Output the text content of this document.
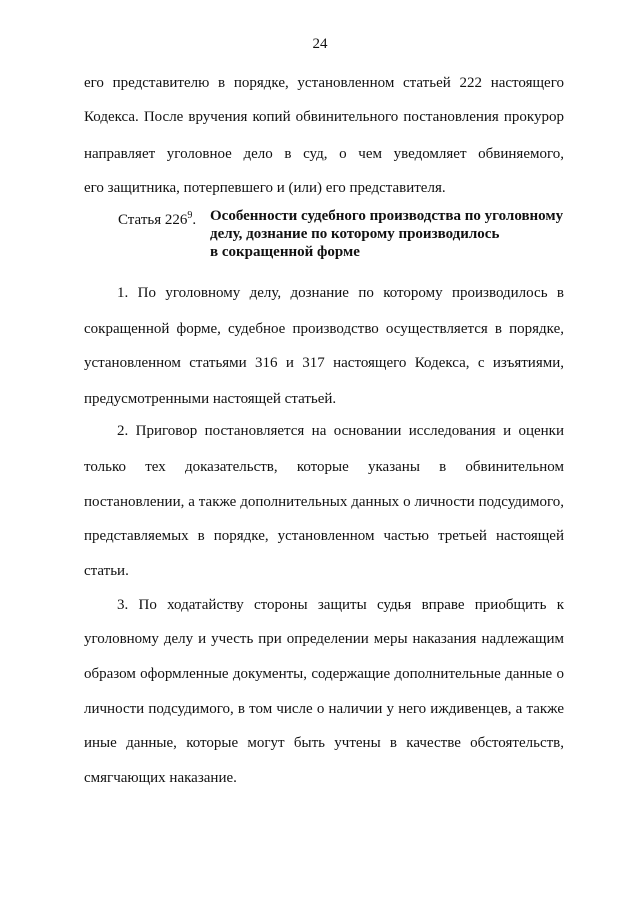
24
его представителю в порядке, установленном статьей 222 настоящего
Кодекса. После вручения копий обвинительного постановления прокурор
направляет уголовное дело в суд, о чем уведомляет обвиняемого,
его защитника, потерпевшего и (или) его представителя.
Статья $226^9$. Особенности судебного производства по уголовному
делу, дознание по которому производилось
в сокращенной форме
1. По уголовному делу, дознание по которому производилось в
сокращенной форме, судебное производство осуществляется в порядке,
установленном статьями 316 и 317 настоящего Кодекса, с изъятиями,
предусмотренными настоящей статьей.
2. Приговор постановляется на основании исследования и оценки
только тех доказательств, которые указаны в обвинительном
постановлении, а также дополнительных данных о личности подсудимого,
представляемых в порядке, установленном частью третьей настоящей
статьи.
3. По ходатайству стороны защиты судья вправе приобщить к
уголовному делу и учесть при определении меры наказания надлежащим
образом оформленные документы, содержащие дополнительные данные о
личности подсудимого, в том числе о наличии у него иждивенцев, а также
иные данные, которые могут быть учтены в качестве обстоятельств,
смягчающих наказание.
